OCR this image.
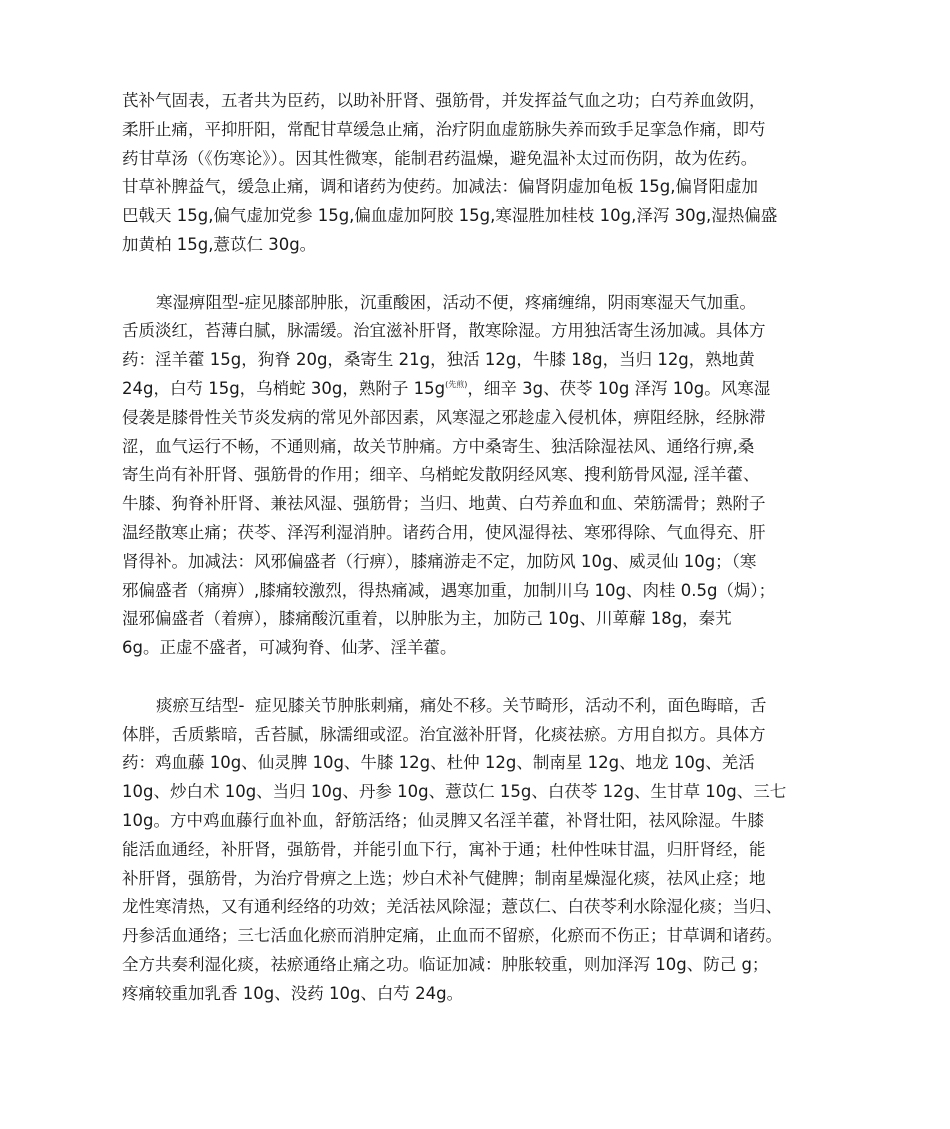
芪补气固表，五者共为臣药，以助补肝肾、强筋骨，并发挥益气血之功；白芍养血敛阴，
柔肝止痛，平抑肝阳，常配甘草缓急止痛，治疗阴血虚筋脉失养而致手足挛急作痛，即芍
药甘草汤（《伤寒论》）。因其性微寒，能制君药温燥，避免温补太过而伤阴，故为佐药。
甘草补脾益气，缓急止痛，调和诸药为使药。加减法：偏肾阴虚加龟板 15g,偏肾阳虚加
巴戟天 15g,偏气虚加党参 15g,偏血虚加阿胶 15g,寒湿胜加桂枝 10g,泽泻 30g,湿热偏盛
加黄柏 15g,薏苡仁 30g。

寒湿痹阻型-症见膝部肿胀，沉重酸困，活动不便，疼痛缠绵，阴雨寒湿天气加重。
舌质淡红，苔薄白腻，脉濡缓。治宜滋补肝肾，散寒除湿。方用独活寄生汤加减。具体方
药：淫羊藿 15g，狗脊 20g，桑寄生 21g，独活 12g，牛膝 18g，当归 12g，熟地黄
24g，白芍 15g，乌梢蛇 30g，熟附子 15g$^{(先煎)}$，细辛 3g、茯苓 10g 泽泻 10g。风寒湿
侵袭是膝骨性关节炎发病的常见外部因素，风寒湿之邪趁虚入侵机体，痹阻经脉，经脉滞
涩，血气运行不畅，不通则痛，故关节肿痛。方中桑寄生、独活除湿祛风、通络行痹,桑
寄生尚有补肝肾、强筋骨的作用；细辛、乌梢蛇发散阴经风寒、搜利筋骨风湿, 淫羊藿、
牛膝、狗脊补肝肾、兼祛风湿、强筋骨；当归、地黄、白芍养血和血、荣筋濡骨；熟附子
温经散寒止痛；茯苓、泽泻利湿消肿。诸药合用，使风湿得祛、寒邪得除、气血得充、肝
肾得补。加减法：风邪偏盛者（行痹），膝痛游走不定，加防风 10g、威灵仙 10g；（寒
邪偏盛者（痛痹）,膝痛较激烈，得热痛减，遇寒加重，加制川乌 10g、肉桂 0.5g（焗）；
湿邪偏盛者（着痹），膝痛酸沉重着，以肿胀为主，加防己 10g、川萆薢 18g，秦艽
6g。正虚不盛者，可减狗脊、仙茅、淫羊藿。

痰瘀互结型-  症见膝关节肿胀刺痛，痛处不移。关节畸形，活动不利，面色晦暗，舌
体胖，舌质紫暗，舌苔腻，脉濡细或涩。治宜滋补肝肾，化痰祛瘀。方用自拟方。具体方
药：鸡血藤 10g、仙灵脾 10g、牛膝 12g、杜仲 12g、制南星 12g、地龙 10g、羌活
10g、炒白术 10g、当归 10g、丹参 10g、薏苡仁 15g、白茯苓 12g、生甘草 10g、三七
10g。方中鸡血藤行血补血，舒筋活络；仙灵脾又名淫羊藿，补肾壮阳，祛风除湿。牛膝
能活血通经，补肝肾，强筋骨，并能引血下行，寓补于通；杜仲性味甘温，归肝肾经，能
补肝肾，强筋骨，为治疗骨痹之上选；炒白术补气健脾；制南星燥湿化痰，祛风止痉；地
龙性寒清热，又有通利经络的功效；羌活祛风除湿；薏苡仁、白茯苓利水除湿化痰；当归、
丹参活血通络；三七活血化瘀而消肿定痛，止血而不留瘀，化瘀而不伤正；甘草调和诸药。
全方共奏利湿化痰，祛瘀通络止痛之功。临证加减：肿胀较重，则加泽泻 10g、防己 g；
疼痛较重加乳香 10g、没药 10g、白芍 24g。
